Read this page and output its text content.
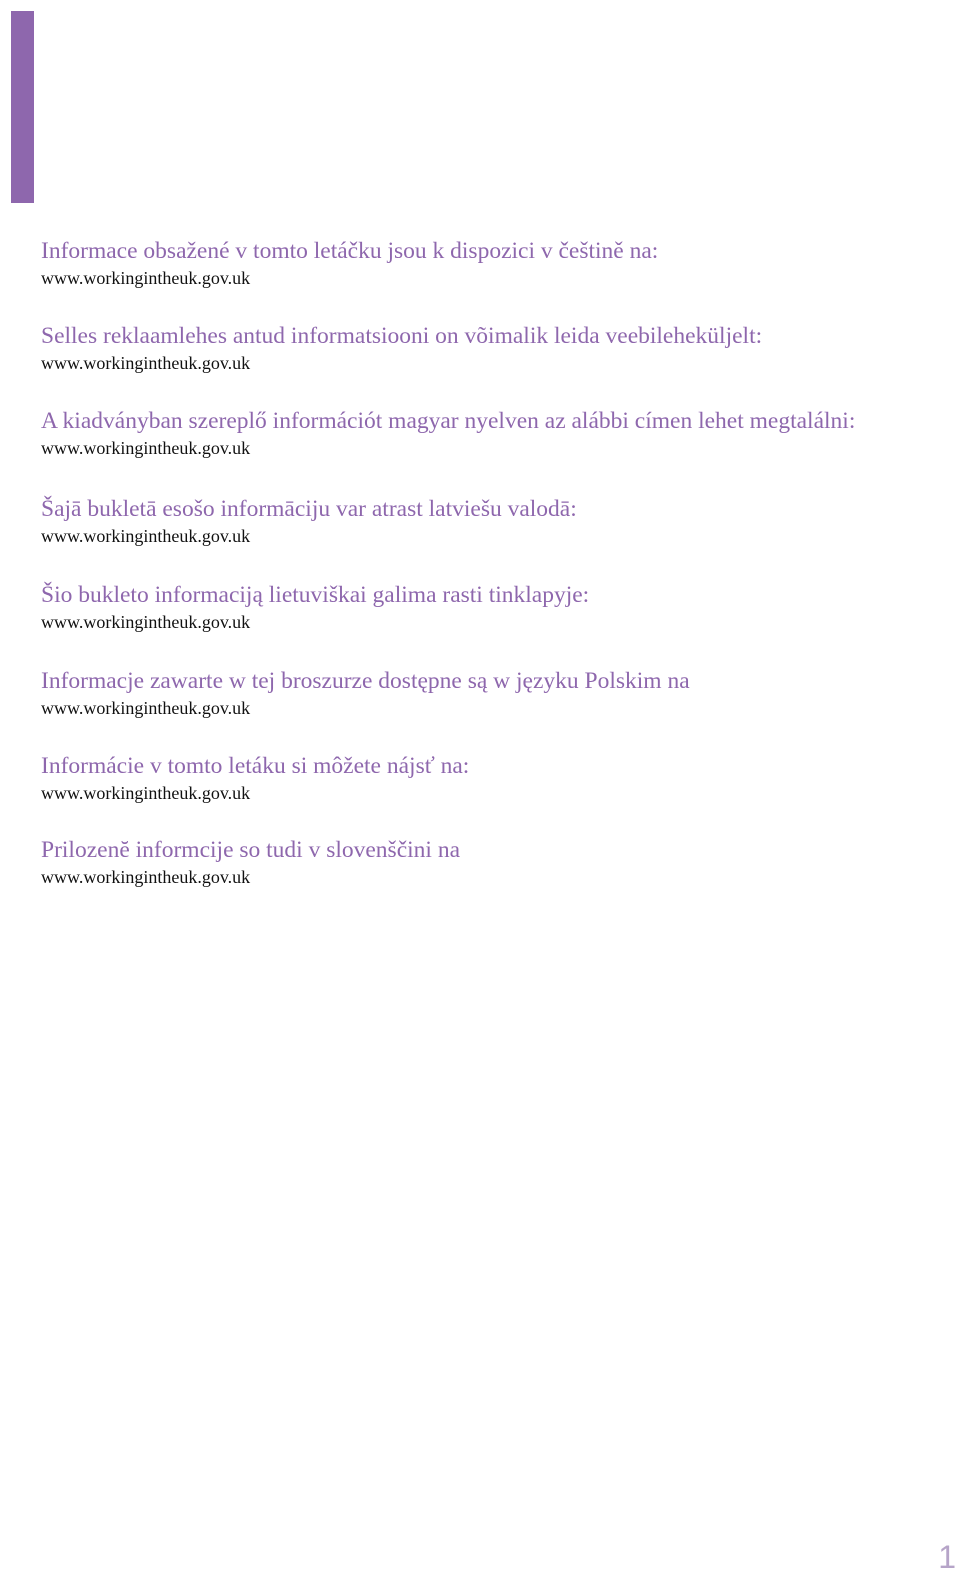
Informace obsažené v tomto letáčku jsou k dispozici v češtině na:
www.workingintheuk.gov.uk
Selles reklaamlehes antud informatsiooni on võimalik leida veebileheküljelt:
www.workingintheuk.gov.uk
A kiadványban szereplő információt magyar nyelven az alábbi címen lehet megtalálni:
www.workingintheuk.gov.uk
Šajā bukletā esošo informāciju var atrast latviešu valodā:
www.workingintheuk.gov.uk
Šio bukleto informaciją lietuviškai galima rasti tinklapyje:
www.workingintheuk.gov.uk
Informacje zawarte w tej broszurze dostępne są w języku Polskim na
www.workingintheuk.gov.uk
Informácie v tomto letáku si môžete nájsť na:
www.workingintheuk.gov.uk
Prilozenĕ informcije so tudi v slovenščini na
www.workingintheuk.gov.uk
1
